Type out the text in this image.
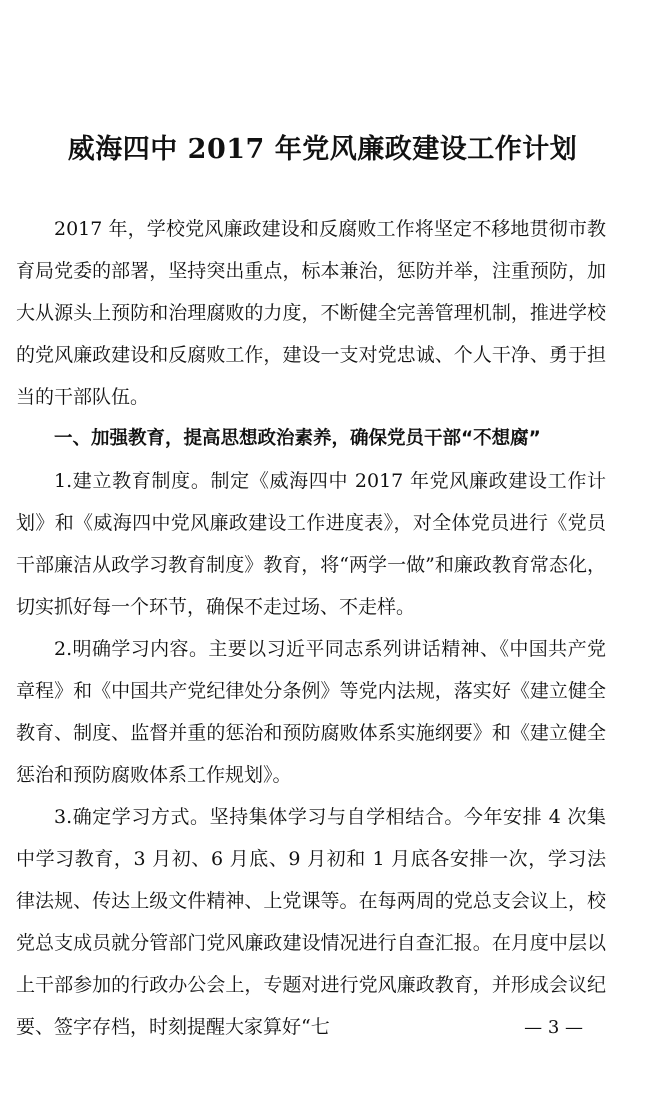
威海四中 2017 年党风廉政建设工作计划

2017 年，学校党风廉政建设和反腐败工作将坚定不移地贯彻市教育局党委的部署，坚持突出重点，标本兼治，惩防并举，注重预防，加大从源头上预防和治理腐败的力度，不断健全完善管理机制，推进学校的党风廉政建设和反腐败工作，建设一支对党忠诚、个人干净、勇于担当的干部队伍。

一、加强教育，提高思想政治素养，确保党员干部“不想腐”

1.建立教育制度。制定《威海四中 2017 年党风廉政建设工作计划》和《威海四中党风廉政建设工作进度表》，对全体党员进行《党员干部廉洁从政学习教育制度》教育，将“两学一做”和廉政教育常态化，切实抓好每一个环节，确保不走过场、不走样。

2.明确学习内容。主要以习近平同志系列讲话精神、《中国共产党章程》和《中国共产党纪律处分条例》等党内法规，落实好《建立健全教育、制度、监督并重的惩治和预防腐败体系实施纲要》和《建立健全惩治和预防腐败体系工作规划》。

3.确定学习方式。坚持集体学习与自学相结合。今年安排 4 次集中学习教育，3 月初、6 月底、9 月初和 1 月底各安排一次，学习法律法规、传达上级文件精神、上党课等。在每两周的党总支会议上，校党总支成员就分管部门党风廉政建设情况进行自查汇报。在月度中层以上干部参加的行政办公会上，专题对进行党风廉政教育，并形成会议纪要、签字存档，时刻提醒大家算好“七	— 3 —
